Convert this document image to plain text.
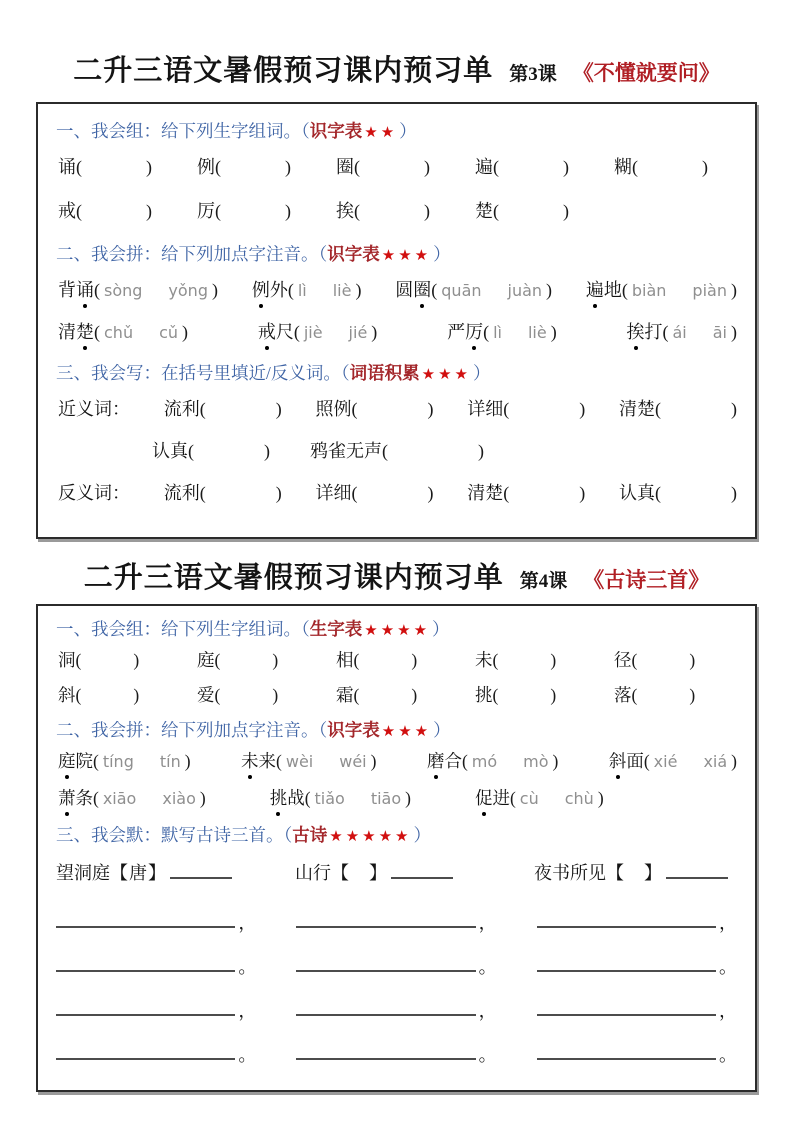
二升三语文暑假预习课内预习单 第3课 《不懂就要问》
一、我会组：给下列生字组词。（识字表 ★★ ）
诵(	)	例(	)	圈(	)	遍(	)	糊(	)
戒(	)	厉(	)	挨(	)	楚(	)
二、我会拼：给下列加点字注音。（识字表 ★★★ ）
背诵( sòng yǒng ) 例外( lì liè ) 圆圈( quān juàn ) 遍地( biàn piàn )
清楚( chǔ cǔ )	戒尺( jiè jié )	严厉( lì liè )	挨打( ái āi )
三、我会写：在括号里填近/反义词。（词语积累 ★★★ ）
近义词： 流利(	) 照例(	) 详细(	) 清楚(	)
认真(	) 鸦雀无声(	)
反义词： 流利(	) 详细(	) 清楚(	) 认真(	)
二升三语文暑假预习课内预习单 第4课 《古诗三首》
一、我会组：给下列生字组词。（生字表 ★★★★ ）
洞(	)	庭(	)	相(	)	未(	)	径(	)
斜(	)	爱(	)	霜(	)	挑(	)	落(	)
二、我会拼：给下列加点字注音。（识字表 ★★★ ）
庭院( tíng tín )	未来( wèi wéi )	磨合( mó mò )	斜面( xié xiá )
萧条( xiāo xiào )	挑战( tiǎo tiāo )	促进( cù chù )
三、我会默：默写古诗三首。（古诗 ★★★★★ ）
望洞庭 【 唐 】	山行 【 】	夜书所见 【 】
，	，	，
。	。	。
，	，	，
。	。	。
